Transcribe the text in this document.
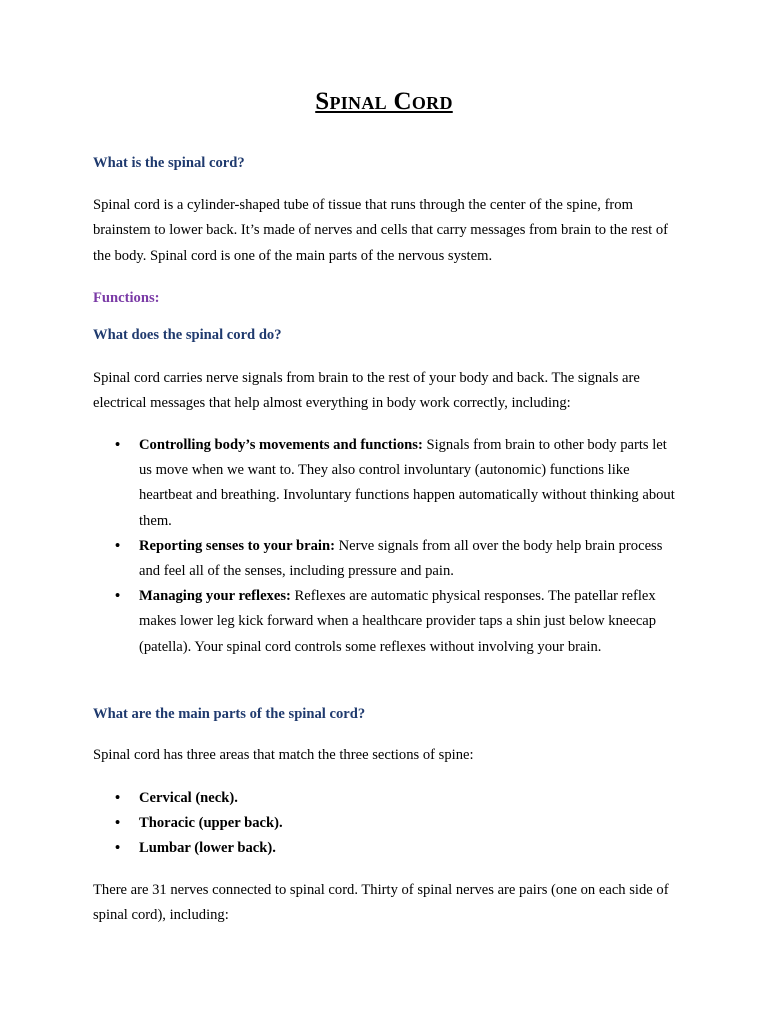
Spinal Cord
What is the spinal cord?
Spinal cord is a cylinder-shaped tube of tissue that runs through the center of the spine, from brainstem to lower back. It’s made of nerves and cells that carry messages from brain to the rest of the body. Spinal cord is one of the main parts of the nervous system.
Functions:
What does the spinal cord do?
Spinal cord carries nerve signals from brain to the rest of your body and back. The signals are electrical messages that help almost everything in body work correctly, including:
• Controlling body’s movements and functions: Signals from brain to other body parts let us move when we want to. They also control involuntary (autonomic) functions like heartbeat and breathing. Involuntary functions happen automatically without thinking about them.
• Reporting senses to your brain: Nerve signals from all over the body help brain process and feel all of the senses, including pressure and pain.
• Managing your reflexes: Reflexes are automatic physical responses. The patellar reflex makes lower leg kick forward when a healthcare provider taps a shin just below kneecap (patella). Your spinal cord controls some reflexes without involving your brain.
What are the main parts of the spinal cord?
Spinal cord has three areas that match the three sections of spine:
• Cervical (neck).
• Thoracic (upper back).
• Lumbar (lower back).
There are 31 nerves connected to spinal cord. Thirty of spinal nerves are pairs (one on each side of spinal cord), including:
